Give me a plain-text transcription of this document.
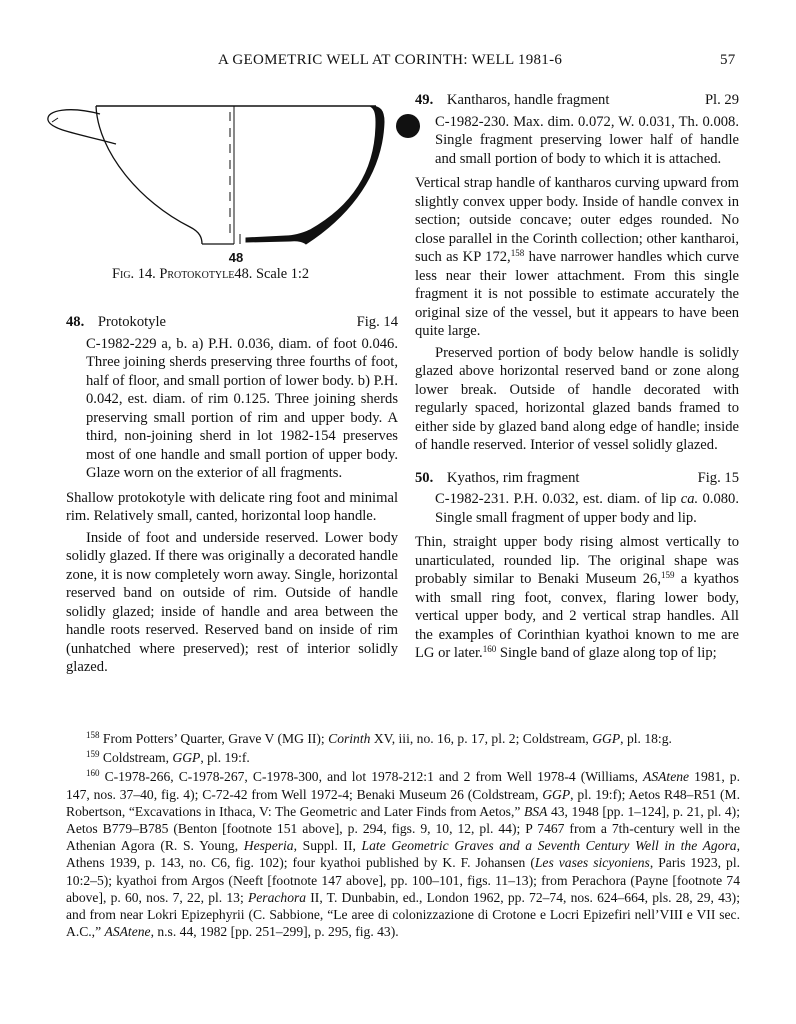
A GEOMETRIC WELL AT CORINTH: WELL 1981-6	57
48
Fig. 14. Protokotyle 48. Scale 1:2
48. Protokotyle	Fig. 14

C-1982-229 a, b. a) P.H. 0.036, diam. of foot 0.046. Three joining sherds preserving three fourths of foot, half of floor, and small portion of lower body. b) P.H. 0.042, est. diam. of rim 0.125. Three joining sherds preserving small portion of rim and upper body. A third, non-joining sherd in lot 1982-154 preserves most of one handle and small portion of upper body. Glaze worn on the exterior of all fragments.

Shallow protokotyle with delicate ring foot and minimal rim. Relatively small, canted, horizontal loop handle.

Inside of foot and underside reserved. Lower body solidly glazed. If there was originally a decorated handle zone, it is now completely worn away. Single, horizontal reserved band on outside of rim. Outside of handle solidly glazed; inside of handle and area between the handle roots reserved. Reserved band on inside of rim (unhatched where preserved); rest of interior solidly glazed.

49. Kantharos, handle fragment	Pl. 29

C-1982-230. Max. dim. 0.072, W. 0.031, Th. 0.008. Single fragment preserving lower half of handle and small portion of body to which it is attached.

Vertical strap handle of kantharos curving upward from slightly convex upper body. Inside of handle convex in section; outside concave; outer edges rounded. No close parallel in the Corinth collection; other kantharoi, such as KP 172,$^{158}$ have narrower handles which curve less near their lower attachment. From this single fragment it is not possible to estimate accurately the original size of the vessel, but it appears to have been quite large.

Preserved portion of body below handle is solidly glazed above horizontal reserved band or zone along lower break. Outside of handle decorated with regularly spaced, horizontal glazed bands framed to either side by glazed band along edge of handle; inside of handle reserved. Interior of vessel solidly glazed.

50. Kyathos, rim fragment	Fig. 15

C-1982-231. P.H. 0.032, est. diam. of lip ca. 0.080. Single small fragment of upper body and lip.

Thin, straight upper body rising almost vertically to unarticulated, rounded lip. The original shape was probably similar to Benaki Museum 26,$^{159}$ a kyathos with small ring foot, convex, flaring lower body, vertical upper body, and 2 vertical strap handles. All the examples of Corinthian kyathoi known to me are LG or later.$^{160}$ Single band of glaze along top of lip;

$^{158}$ From Potters’ Quarter, Grave V (MG II); Corinth XV, iii, no. 16, p. 17, pl. 2; Coldstream, GGP, pl. 18:g.

$^{159}$ Coldstream, GGP, pl. 19:f.

$^{160}$ C-1978-266, C-1978-267, C-1978-300, and lot 1978-212:1 and 2 from Well 1978-4 (Williams, ASAtene 1981, p. 147, nos. 37–40, fig. 4); C-72-42 from Well 1972-4; Benaki Museum 26 (Coldstream, GGP, pl. 19:f); Aetos R48–R51 (M. Robertson, “Excavations in Ithaca, V: The Geometric and Later Finds from Aetos,” BSA 43, 1948 [pp. 1–124], p. 21, pl. 4); Aetos B779–B785 (Benton [footnote 151 above], p. 294, figs. 9, 10, 12, pl. 44); P 7467 from a 7th-century well in the Athenian Agora (R. S. Young, Hesperia, Suppl. II, Late Geometric Graves and a Seventh Century Well in the Agora, Athens 1939, p. 143, no. C6, fig. 102); four kyathoi published by K. F. Johansen (Les vases sicyoniens, Paris 1923, pl. 10:2–5); kyathoi from Argos (Neeft [footnote 147 above], pp. 100–101, figs. 11–13); from Perachora (Payne [footnote 74 above], p. 60, nos. 7, 22, pl. 13; Perachora II, T. Dunbabin, ed., London 1962, pp. 72–74, nos. 624–664, pls. 28, 29, 43); and from near Lokri Epizephyrii (C. Sabbione, “Le aree di colonizzazione di Crotone e Locri Epizefiri nell’VIII e VII sec. A.C.,” ASAtene, n.s. 44, 1982 [pp. 251–299], p. 295, fig. 43).
